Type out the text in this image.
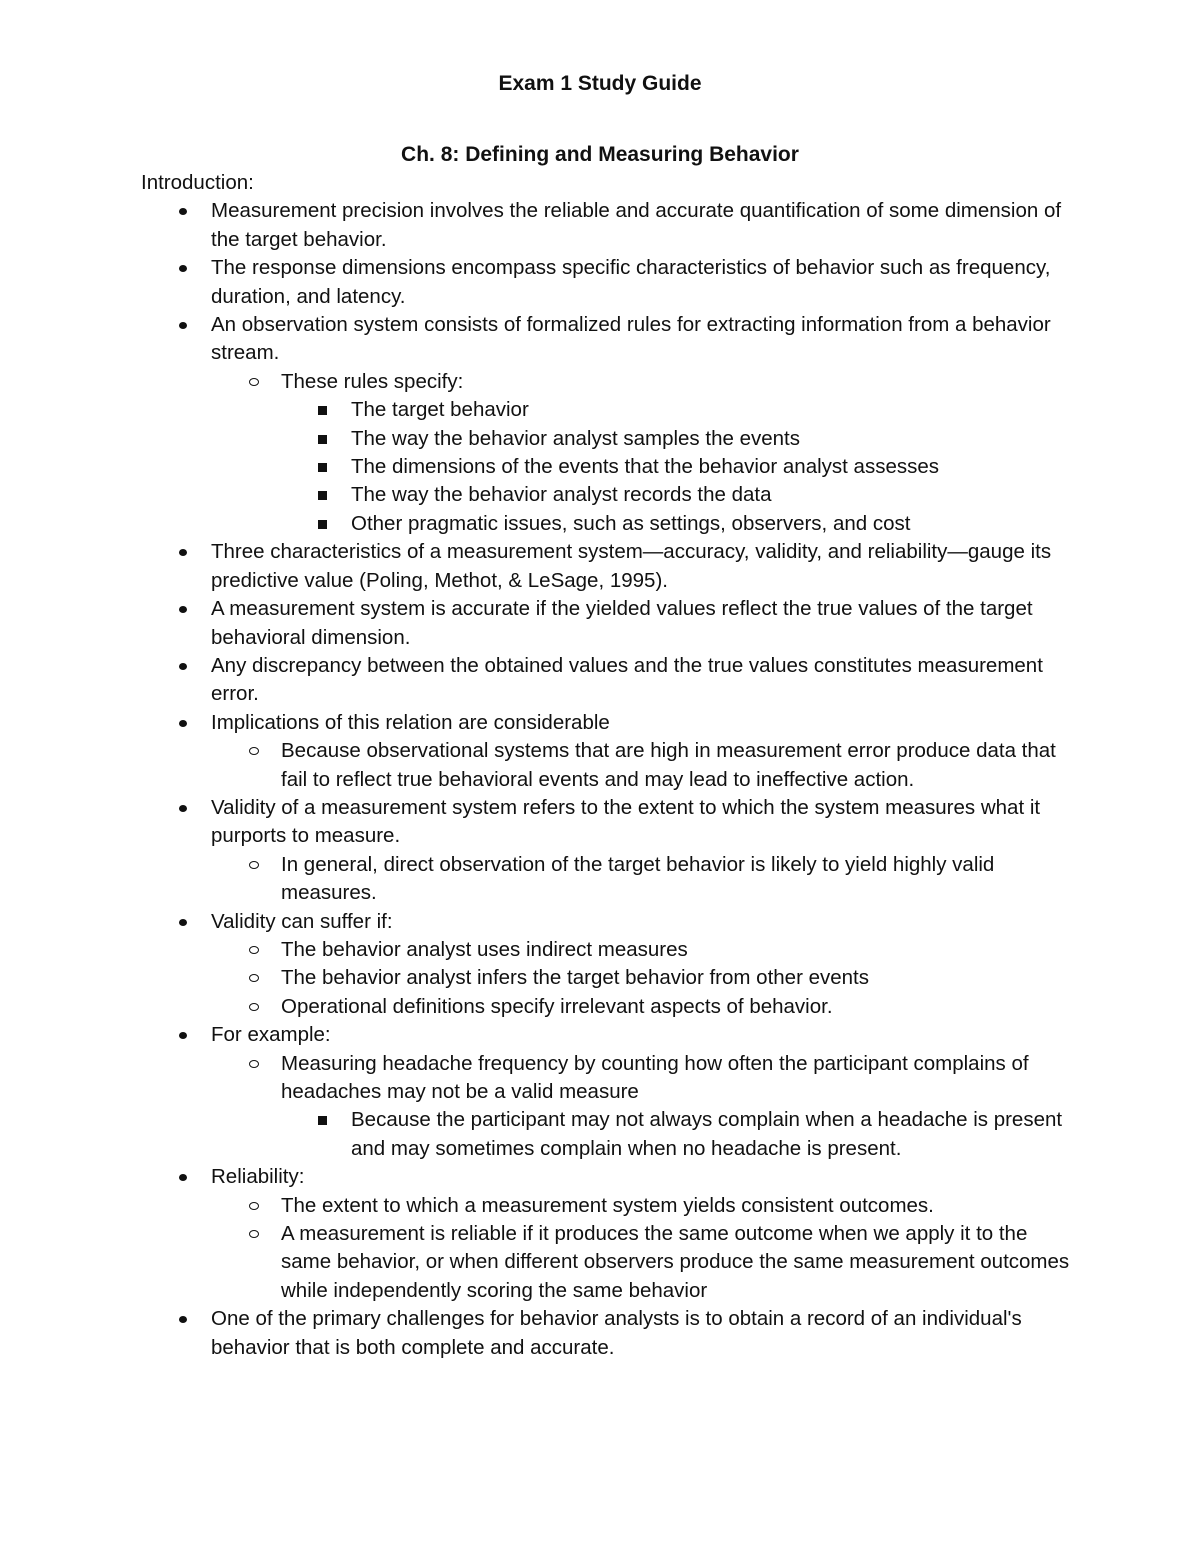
Exam 1 Study Guide
Ch. 8: Defining and Measuring Behavior

Introduction:

Measurement precision involves the reliable and accurate quantification of some dimension of the target behavior.
The response dimensions encompass specific characteristics of behavior such as frequency, duration, and latency.
An observation system consists of formalized rules for extracting information from a behavior stream.
These rules specify:
The target behavior
The way the behavior analyst samples the events
The dimensions of the events that the behavior analyst assesses
The way the behavior analyst records the data
Other pragmatic issues, such as settings, observers, and cost
Three characteristics of a measurement system—accuracy, validity, and reliability—gauge its predictive value (Poling, Methot, & LeSage, 1995).
A measurement system is accurate if the yielded values reflect the true values of the target behavioral dimension.
Any discrepancy between the obtained values and the true values constitutes measurement error.
Implications of this relation are considerable
Because observational systems that are high in measurement error produce data that fail to reflect true behavioral events and may lead to ineffective action.
Validity of a measurement system refers to the extent to which the system measures what it purports to measure.
In general, direct observation of the target behavior is likely to yield highly valid measures.
Validity can suffer if:
The behavior analyst uses indirect measures
The behavior analyst infers the target behavior from other events
Operational definitions specify irrelevant aspects of behavior.
For example:
Measuring headache frequency by counting how often the participant complains of headaches may not be a valid measure
Because the participant may not always complain when a headache is present and may sometimes complain when no headache is present.
Reliability:
The extent to which a measurement system yields consistent outcomes.
A measurement is reliable if it produces the same outcome when we apply it to the same behavior, or when different observers produce the same measurement outcomes while independently scoring the same behavior
One of the primary challenges for behavior analysts is to obtain a record of an individual's behavior that is both complete and accurate.
